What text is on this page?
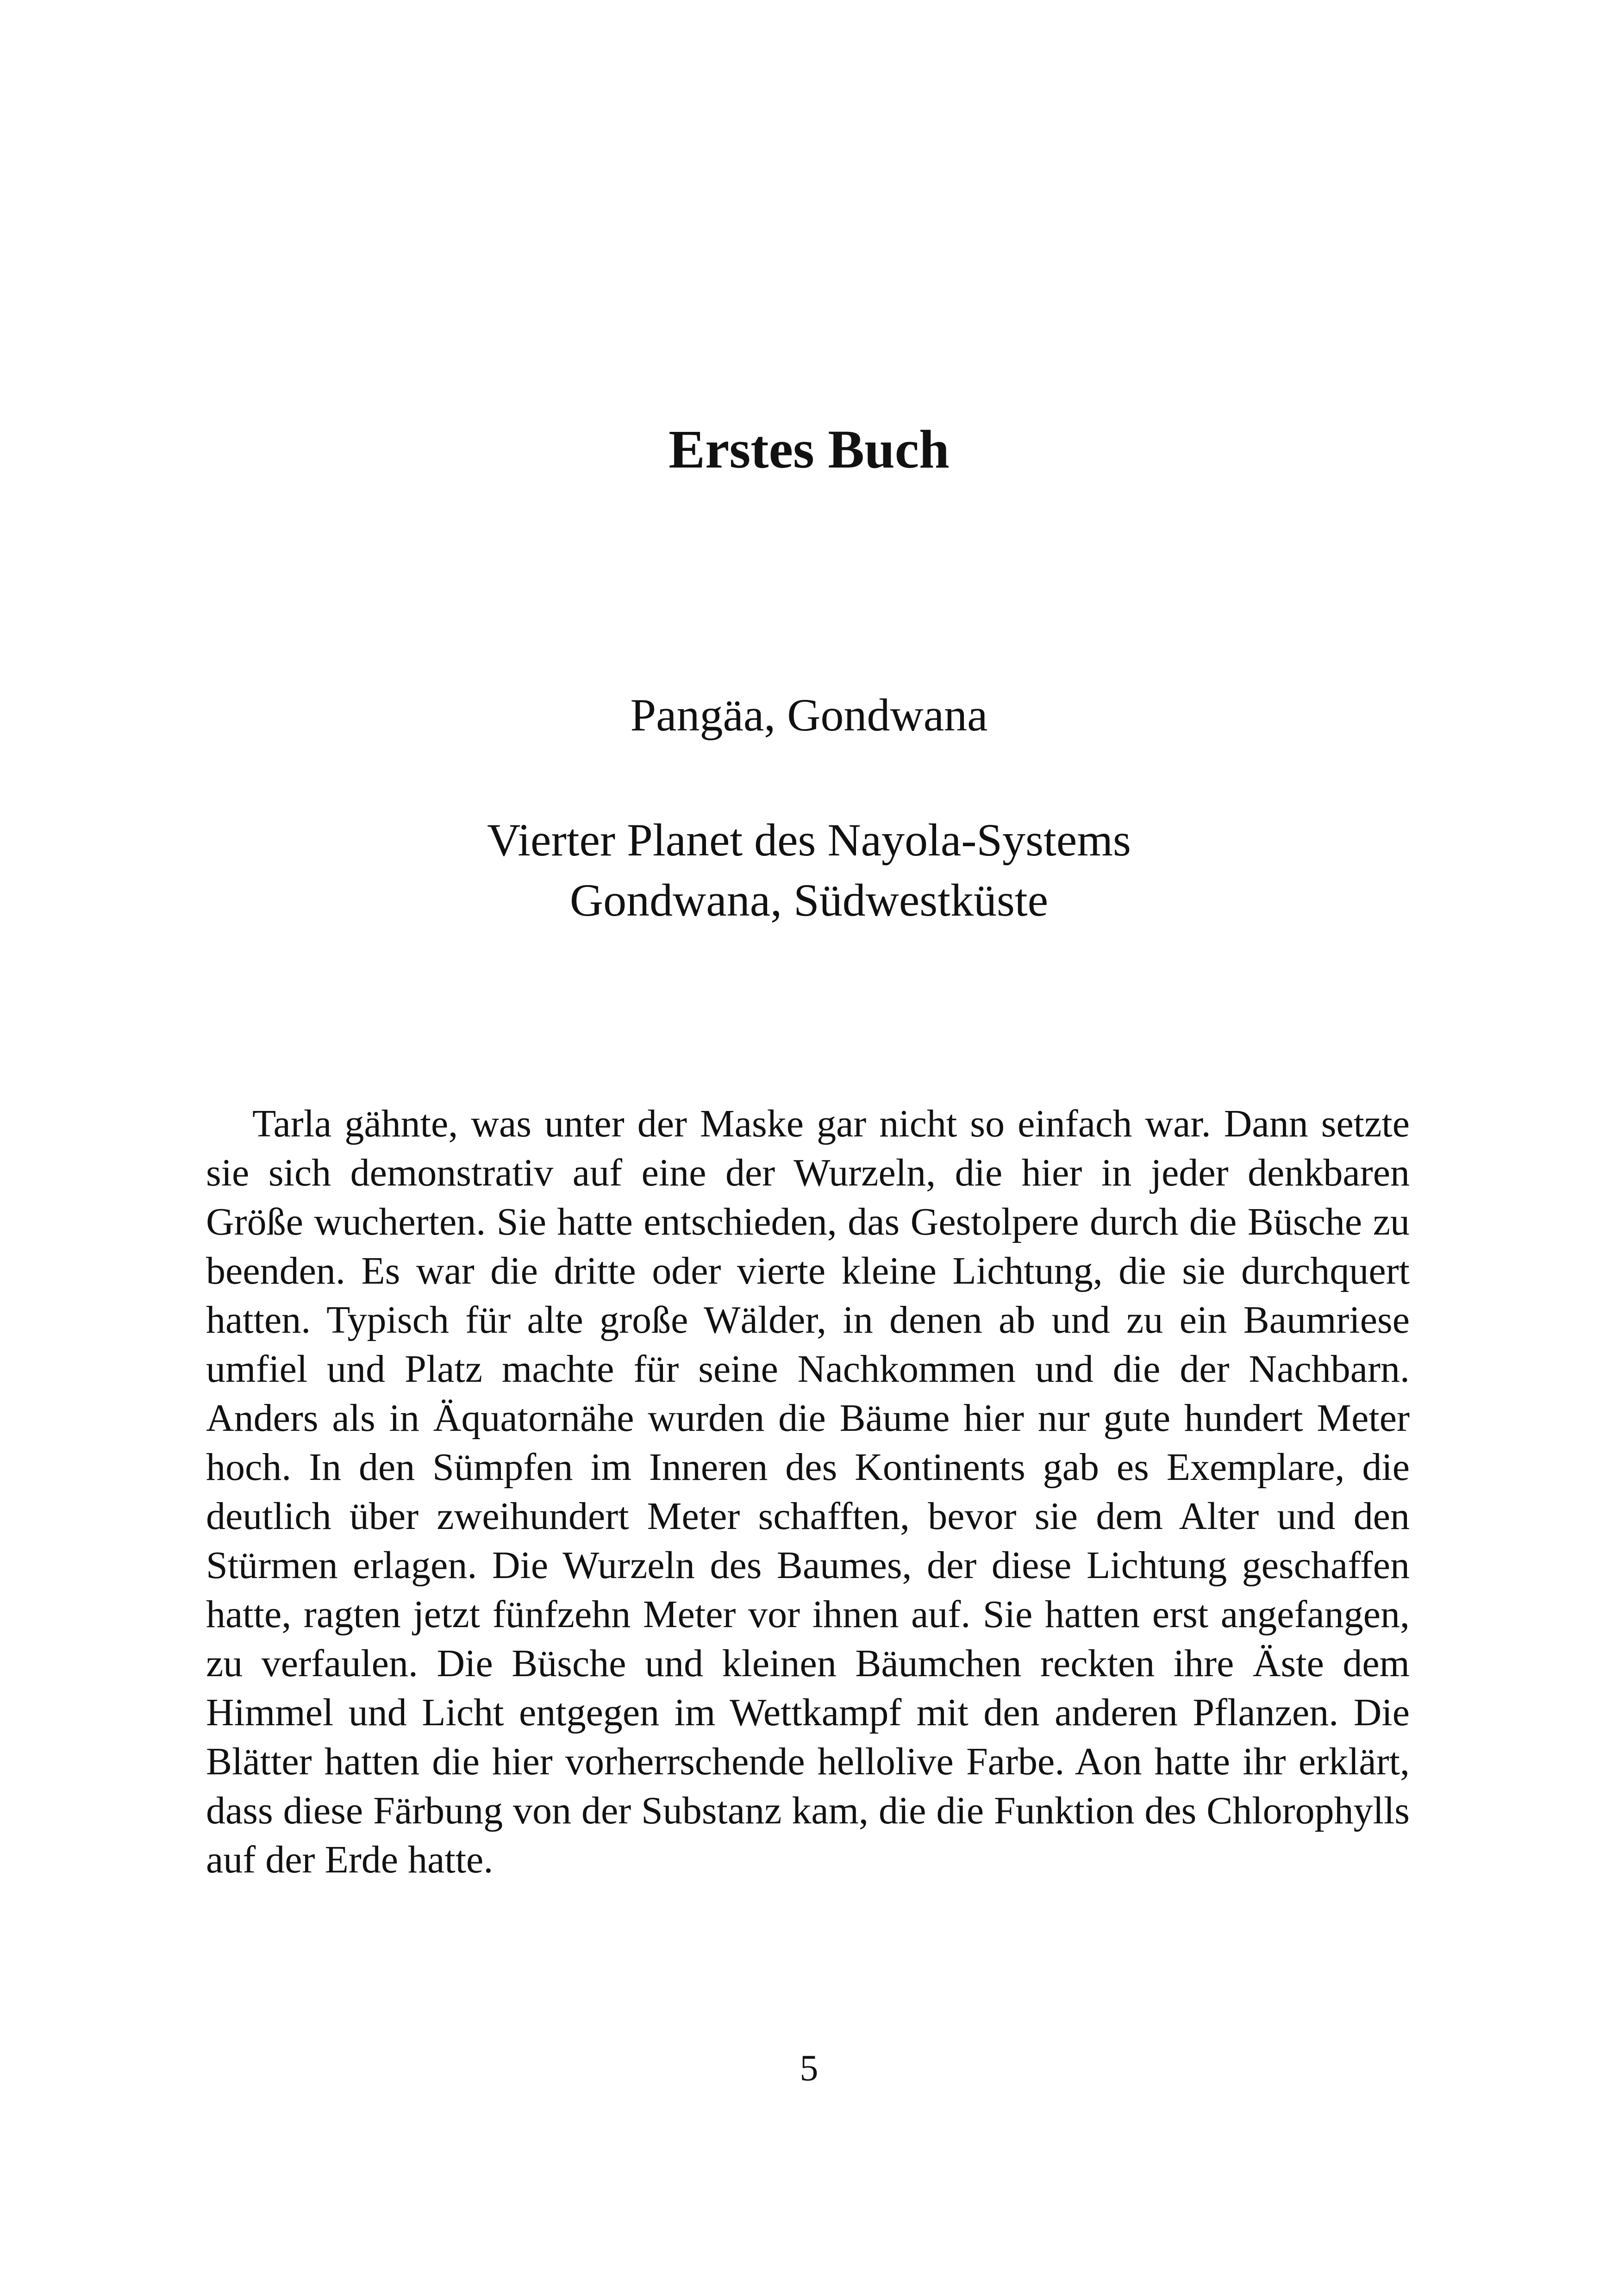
Erstes Buch

Pangäa, Gondwana

Vierter Planet des Nayola-Systems

Gondwana, Südwestküste

Tarla gähnte, was unter der Maske gar nicht so einfach war. Dann setzte sie sich demonstrativ auf eine der Wurzeln, die hier in jeder denkbaren Größe wucherten. Sie hatte entschieden, das Gestolpere durch die Büsche zu beenden. Es war die dritte oder vierte kleine Lichtung, die sie durchquert hatten. Typisch für alte große Wälder, in denen ab und zu ein Baumriese umfiel und Platz machte für seine Nachkommen und die der Nachbarn. Anders als in Äquatornähe wurden die Bäume hier nur gute hundert Meter hoch. In den Sümpfen im Inneren des Kontinents gab es Exemplare, die deutlich über zweihundert Meter schafften, bevor sie dem Alter und den Stürmen erlagen. Die Wurzeln des Baumes, der diese Lichtung geschaffen hatte, ragten jetzt fünfzehn Meter vor ihnen auf. Sie hatten erst angefangen, zu verfaulen. Die Büsche und kleinen Bäumchen reckten ihre Äste dem Himmel und Licht entgegen im Wettkampf mit den anderen Pflanzen. Die Blätter hatten die hier vorherrschende hellolive Farbe. Aon hatte ihr erklärt, dass diese Färbung von der Substanz kam, die die Funktion des Chlorophylls auf der Erde hatte.

5
